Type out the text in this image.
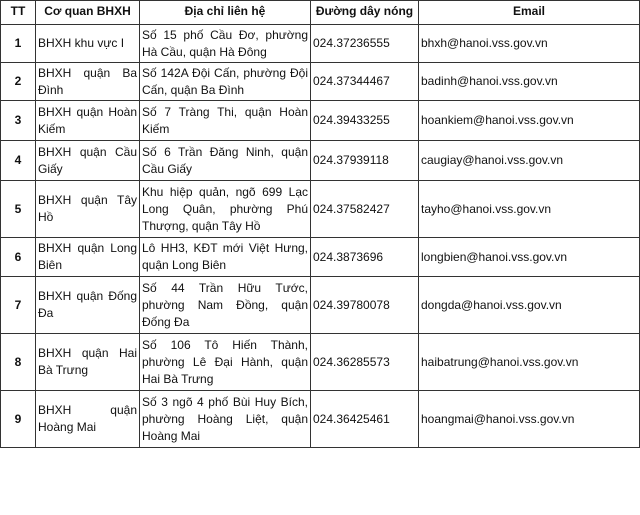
TT	Cơ quan BHXH	Địa chỉ liên hệ	Đường dây nóng	Email
1	BHXH khu vực I	Số 15 phố Cầu Đơ, phường Hà Cầu, quận Hà Đông	024.37236555	bhxh@hanoi.vss.gov.vn
2	BHXH quận Ba Đình	Số 142A Đội Cấn, phường Đội Cấn, quận Ba Đình	024.37344467	badinh@hanoi.vss.gov.vn
3	BHXH quận Hoàn Kiếm	Số 7 Tràng Thi, quận Hoàn Kiếm	024.39433255	hoankiem@hanoi.vss.gov.vn
4	BHXH quận Cầu Giấy	Số 6 Trần Đăng Ninh, quận Cầu Giấy	024.37939118	caugiay@hanoi.vss.gov.vn
5	BHXH quận Tây Hồ	Khu hiệp quản, ngõ 699 Lạc Long Quân, phường Phú Thượng, quận Tây Hồ	024.37582427	tayho@hanoi.vss.gov.vn
6	BHXH quận Long Biên	Lô HH3, KĐT mới Việt Hưng, quận Long Biên	024.3873696	longbien@hanoi.vss.gov.vn
7	BHXH quận Đống Đa	Số 44 Trần Hữu Tước, phường Nam Đồng, quận Đống Đa	024.39780078	dongda@hanoi.vss.gov.vn
8	BHXH quận Hai Bà Trưng	Số 106 Tô Hiến Thành, phường Lê Đại Hành, quận Hai Bà Trưng	024.36285573	haibatrung@hanoi.vss.gov.vn
9	BHXH quận Hoàng Mai	Số 3 ngõ 4 phố Bùi Huy Bích, phường Hoàng Liệt, quận Hoàng Mai	024.36425461	hoangmai@hanoi.vss.gov.vn
